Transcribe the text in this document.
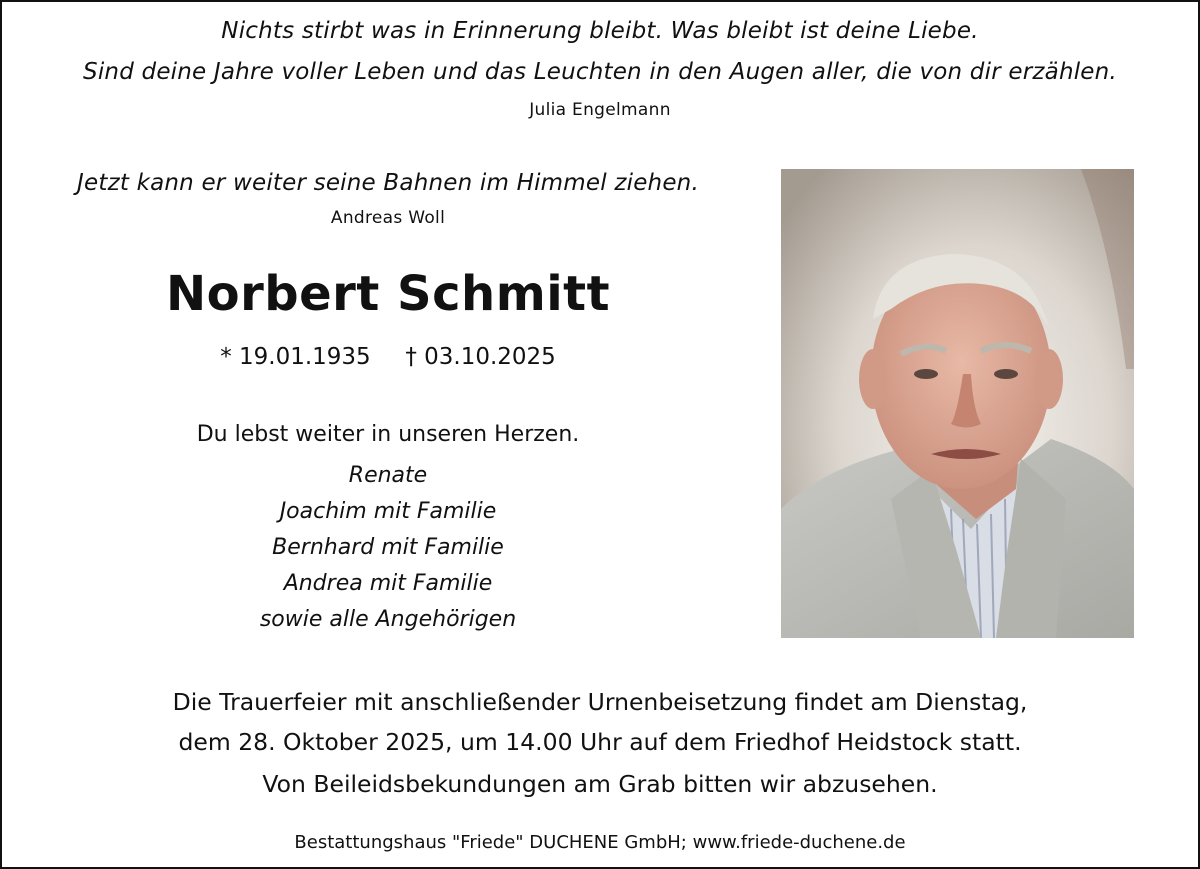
Nichts stirbt was in Erinnerung bleibt. Was bleibt ist deine Liebe.
Sind deine Jahre voller Leben und das Leuchten in den Augen aller, die von dir erzählen.
Julia Engelmann
Jetzt kann er weiter seine Bahnen im Himmel ziehen.
Andreas Woll
Norbert Schmitt
* 19.01.1935 † 03.10.2025
Du lebst weiter in unseren Herzen.
Renate
Joachim mit Familie
Bernhard mit Familie
Andrea mit Familie
sowie alle Angehörigen
Die Trauerfeier mit anschließender Urnenbeisetzung findet am Dienstag,
dem 28. Oktober 2025, um 14.00 Uhr auf dem Friedhof Heidstock statt.
Von Beileidsbekundungen am Grab bitten wir abzusehen.
Bestattungshaus "Friede" DUCHENE GmbH; www.friede-duchene.de
